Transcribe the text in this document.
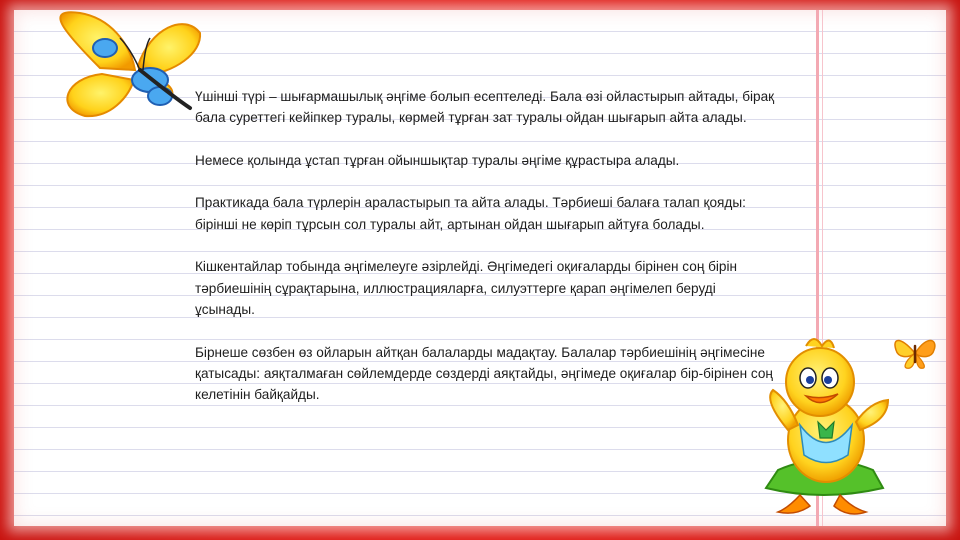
Үшінші түрі – шығармашылық әңгіме болып есептеледі. Бала өзі ойластырып айтады, бірақ бала суреттегі кейіпкер туралы, көрмей тұрған зат туралы ойдан шығарып айта алады.

Немесе қолында ұстап тұрған ойыншықтар туралы әңгіме құрастыра алады.

Практикада бала түрлерін араластырып та айта алады. Тәрбиеші балаға талап қояды: бірінші не көріп тұрсын сол туралы айт, артынан ойдан шығарып айтуға болады.

Кішкентайлар тобында әңгімелеуге әзірлейді. Әңгімедегі оқиғаларды бірінен соң бірін тәрбиешінің сұрақтарына, иллюстрацияларға, силуэттерге қарап әңгімелеп беруді ұсынады.

Бірнеше сөзбен өз ойларын айтқан балаларды мадақтау. Балалар тәрбиешінің әңгімесіне қатысады: аяқталмаған сөйлемдерде сөздерді аяқтайды, әңгімеде оқиғалар бір-бірінен соң келетінін байқайды.
